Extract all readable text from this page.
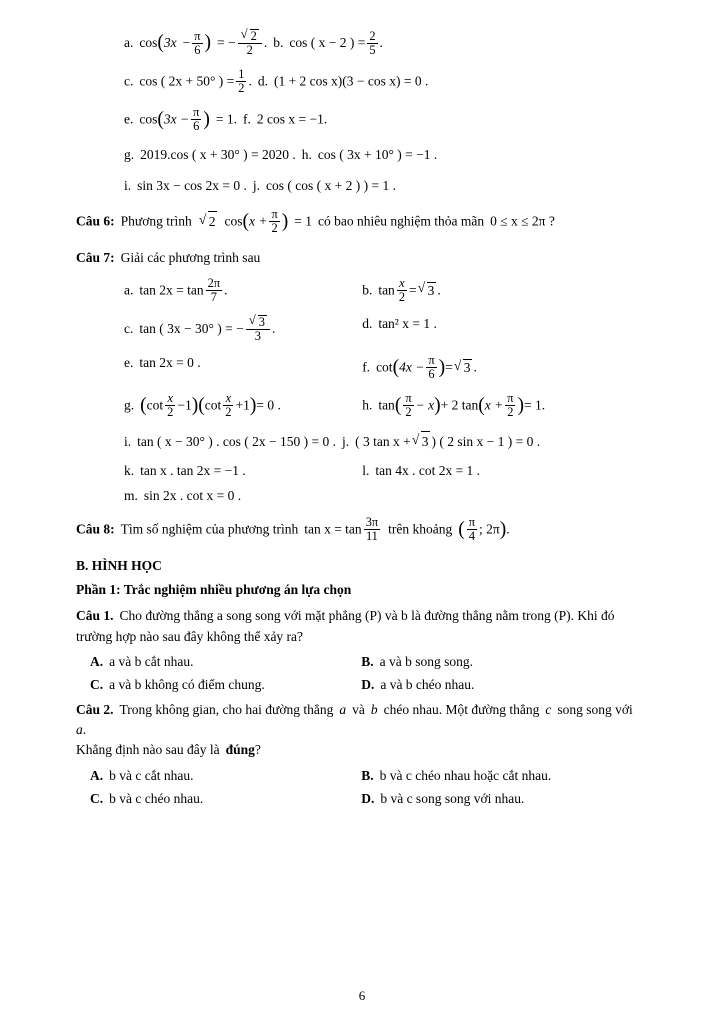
a. $\cos(3x - \frac{\pi}{6}$ ) = − √ $\frac{2}{2}$ . b. cos ( x − 2 ) = $\frac{2}{5}$ .
c. cos ( 2x + 50° ) = $\frac{1}{2}$ . d. (1 + 2 cos x)(3 − cos x) = 0 .
e. $\cos(3x - \frac{\pi}{6}$ ) = 1. f. 2 cos x = −1.
g. 2019.cos ( x + 30° ) = 2020 . h. cos ( 3x + 10° ) = −1 .
i. sin 3x − cos 2x = 0 . j. cos ( cos ( x + 2 ) ) = 1 .
Câu 6: Phương trình √ 2 $\cos(x + \frac{\pi}{2}$ ) = 1 có bao nhiêu nghiệm thỏa mãn 0 ≤ x ≤ 2π ?
Câu 7: Giải các phương trình sau
a. $\tan 2x = \tan \frac{2\pi}{7}$ .	b. $\tan \frac{x}{2}$ = √ 3 .
c. tan ( 3x − 30° ) = − √ $\frac{3}{3}$ .	d. tan² x = 1 .
e. tan 2x = 0 .	f. $\cot(4x - \frac{\pi}{6}$ )= √ 3 .
g. $(\cot \frac{x}{2} -1)(\cot \frac{x}{2} +1)= 0$ .	h. $\tan( \frac{\pi}{2} - x)+ 2$ $\tan(x + \frac{\pi}{2}$ )= 1.
i. tan ( x − 30° ) . cos ( 2x − 150 ) = 0 . j. ( 3 tan x + √ 3 ) ( 2 sin x − 1 ) = 0 .
k. tan x . tan 2x = −1 .	l. tan 4x . cot 2x = 1 .
m. sin 2x . cot x = 0 .
Câu 8: Tìm số nghiệm của phương trình $\tan x = \tan \frac{3\pi}{11}$ trên khoảng ( $\frac{\pi}{4}$ ; 2π).
B. HÌNH HỌC
Phần 1: Trắc nghiệm nhiều phương án lựa chọn
Câu 1. Cho đường thẳng a song song với mặt phẳng (P) và b là đường thẳng nằm trong (P). Khi đó trường hợp nào sau đây không thể xảy ra?
A. a và b cắt nhau.	B. a và b song song.
C. a và b không có điểm chung.	D. a và b chéo nhau.
Câu 2. Trong không gian, cho hai đường thẳng a và b chéo nhau. Một đường thẳng c song song vớia.
Khẳng định nào sau đây là đúng?
A. b và c cắt nhau.	B. b và c chéo nhau hoặc cắt nhau.
C. b và c chéo nhau.	D. b và c song song với nhau.
6
